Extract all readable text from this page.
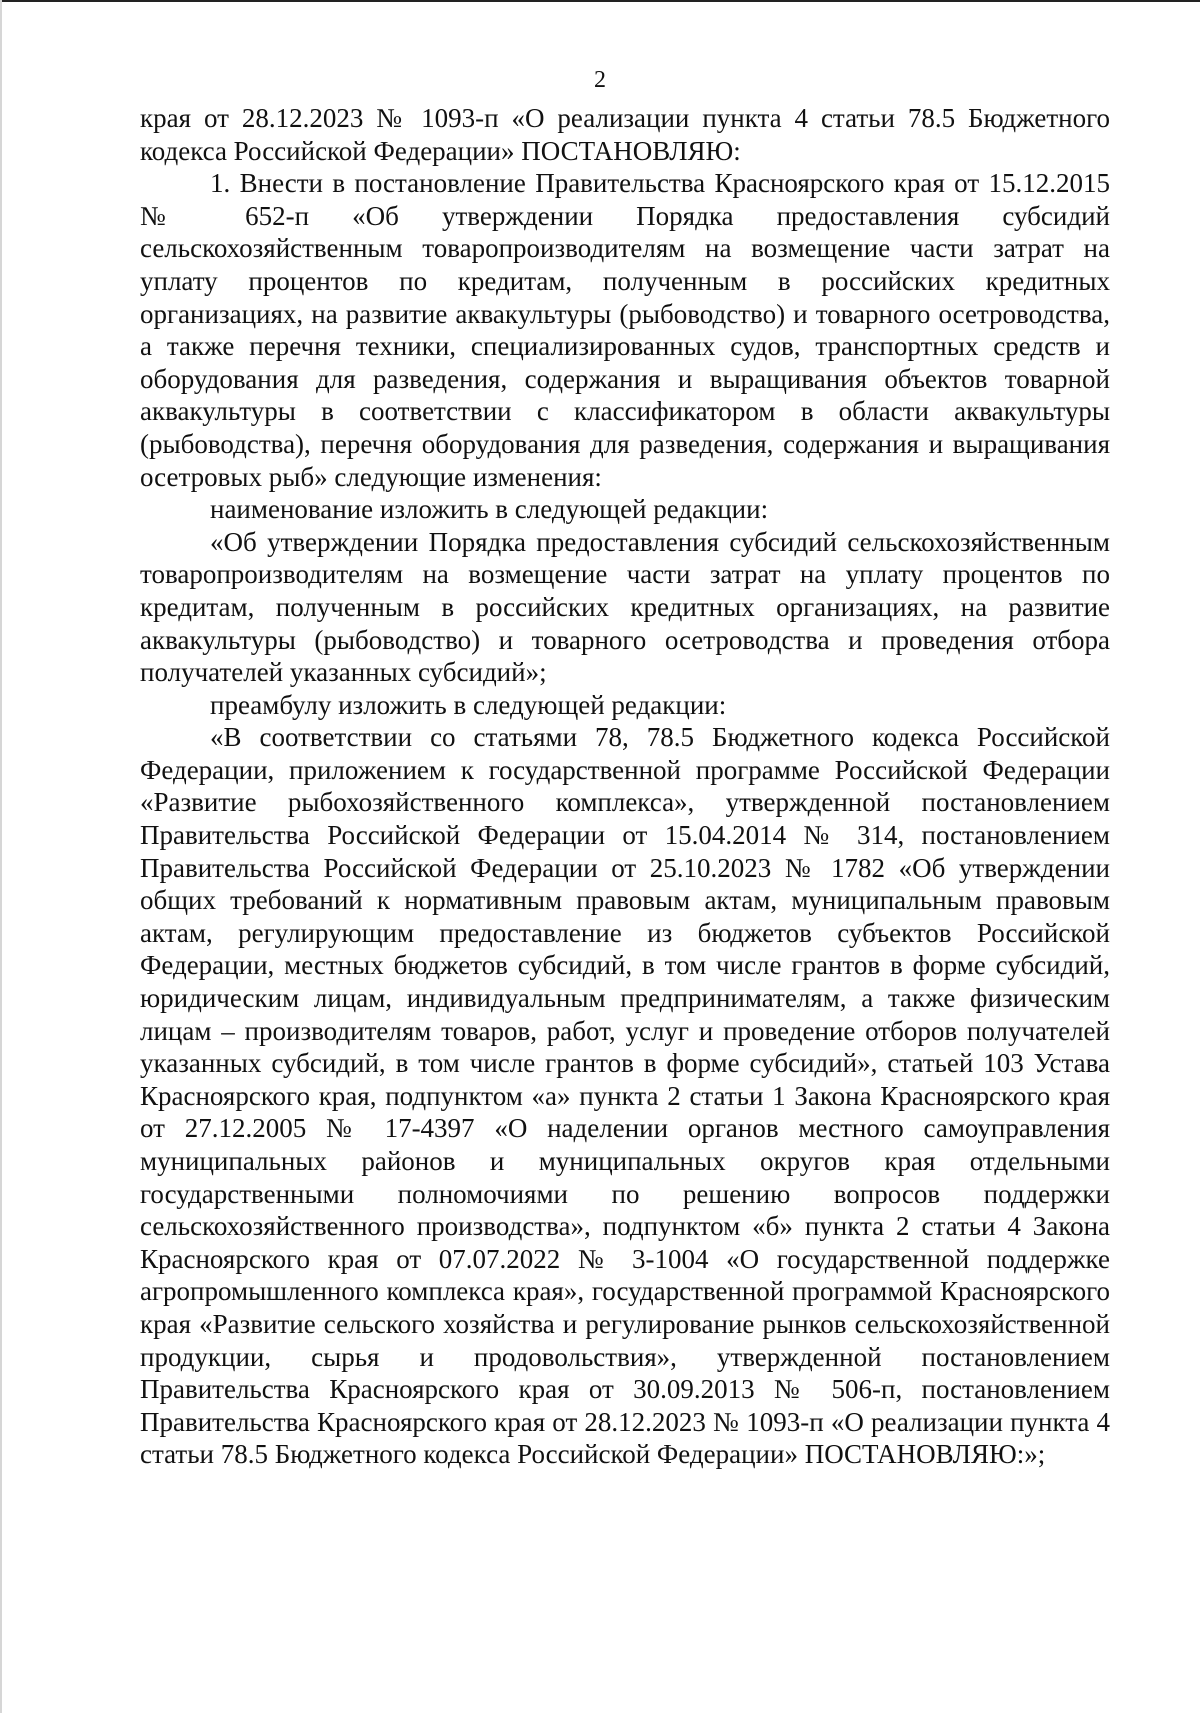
2

края от 28.12.2023 № 1093-п «О реализации пункта 4 статьи 78.5 Бюджетного кодекса Российской Федерации» ПОСТАНОВЛЯЮ:

1. Внести в постановление Правительства Красноярского края от 15.12.2015 № 652-п «Об утверждении Порядка предоставления субсидий сельскохозяйственным товаропроизводителям на возмещение части затрат на уплату процентов по кредитам, полученным в российских кредитных организациях, на развитие аквакультуры (рыбоводство) и товарного осетроводства, а также перечня техники, специализированных судов, транспортных средств и оборудования для разведения, содержания и выращивания объектов товарной аквакультуры в соответствии с классификатором в области аквакультуры (рыбоводства), перечня оборудования для разведения, содержания и выращивания осетровых рыб» следующие изменения:

наименование изложить в следующей редакции:

«Об утверждении Порядка предоставления субсидий сельскохозяйственным товаропроизводителям на возмещение части затрат на уплату процентов по кредитам, полученным в российских кредитных организациях, на развитие аквакультуры (рыбоводство) и товарного осетроводства и проведения отбора получателей указанных субсидий»;

преамбулу изложить в следующей редакции:

«В соответствии со статьями 78, 78.5 Бюджетного кодекса Российской Федерации, приложением к государственной программе Российской Федерации «Развитие рыбохозяйственного комплекса», утвержденной постановлением Правительства Российской Федерации от 15.04.2014 № 314, постановлением Правительства Российской Федерации от 25.10.2023 № 1782 «Об утверждении общих требований к нормативным правовым актам, муниципальным правовым актам, регулирующим предоставление из бюджетов субъектов Российской Федерации, местных бюджетов субсидий, в том числе грантов в форме субсидий, юридическим лицам, индивидуальным предпринимателям, а также физическим лицам – производителям товаров, работ, услуг и проведение отборов получателей указанных субсидий, в том числе грантов в форме субсидий», статьей 103 Устава Красноярского края, подпунктом «а» пункта 2 статьи 1 Закона Красноярского края от 27.12.2005 № 17-4397 «О наделении органов местного самоуправления муниципальных районов и муниципальных округов края отдельными государственными полномочиями по решению вопросов поддержки сельскохозяйственного производства», подпунктом «б» пункта 2 статьи 4 Закона Красноярского края от 07.07.2022 № 3-1004 «О государственной поддержке агропромышленного комплекса края», государственной программой Красноярского края «Развитие сельского хозяйства и регулирование рынков сельскохозяйственной продукции, сырья и продовольствия», утвержденной постановлением Правительства Красноярского края от 30.09.2013 № 506-п, постановлением Правительства Красноярского края от 28.12.2023 № 1093-п «О реализации пункта 4 статьи 78.5 Бюджетного кодекса Российской Федерации» ПОСТАНОВЛЯЮ:»;
